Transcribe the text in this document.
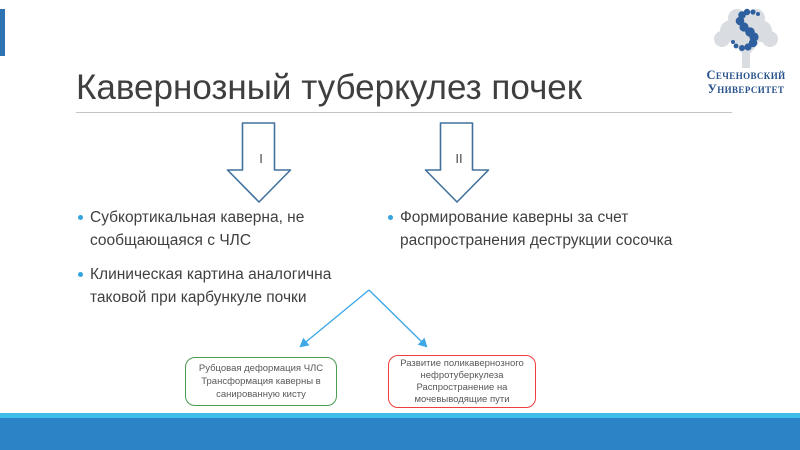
Кавернозный туберкулез почек	Сеченовский
Университет
I	II
Субкортикальная каверна, не сообщающаяся с ЧЛС
Клиническая картина аналогична таковой при карбункуле почки
Формирование каверны за счет распространения деструкции сосочка
Рубцовая деформация ЧЛС
Трансформация каверны в
санированную кисту
Развитие поликавернозного
нефротуберкулеза
Распространение на
мочевыводящие пути
